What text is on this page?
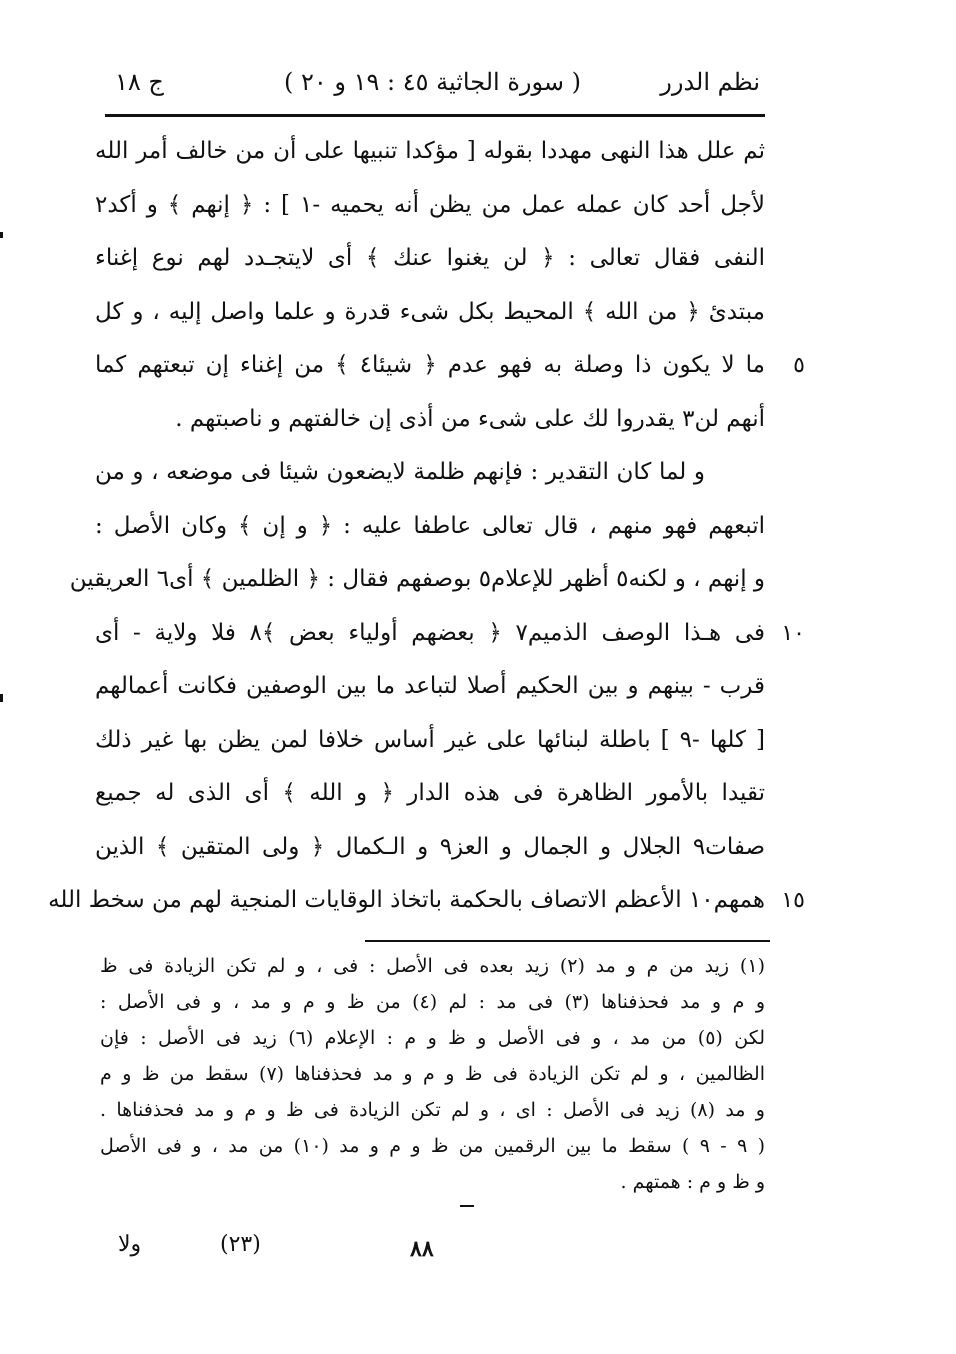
نظم الدرر
( سورة الجاثية ٤٥ : ١٩ و ٢٠ )
ج ١٨
ثم علل هذا النهى مهددا بقوله [ مؤكدا تنبيها على أن من خالف أمر الله
لأجل أحد كان عمله عمل من يظن أنه يحميه -١ ] : ﴿ إنهم ﴾ و أكد٢
النفى فقال تعالى : ﴿ لن يغنوا عنك ﴾ أى لايتجـدد لهم نوع إغناء
مبتدئ ﴿ من الله ﴾ المحيط بكل شىء قدرة و علما واصل إليه ، و كل
٥
ما لا يكون ذا وصلة به فهو عدم ﴿ شيئا٤ ﴾ من إغناء إن تبعتهم كما
أنهم لن٣ يقدروا لك على شىء من أذى إن خالفتهم و ناصبتهم .
و لما كان التقدير : فإنهم ظلمة لايضعون شيئا فى موضعه ، و من
اتبعهم فهو منهم ، قال تعالى عاطفا عليه : ﴿ و إن ﴾ وكان الأصل :
و إنهم ، و لكنه٥ أظهر للإعلام٥ بوصفهم فقال : ﴿ الظلمين ﴾ أى٦ العريقين
١٠
فى هـذا الوصف الذميم٧ ﴿ بعضهم أولياء بعض ﴾٨ فلا ولاية - أى
قرب - بينهم و بين الحكيم أصلا لتباعد ما بين الوصفين فكانت أعمالهم
[ كلها -٩ ] باطلة لبنائها على غير أساس خلافا لمن يظن بها غير ذلك
تقيدا بالأمور الظاهرة فى هذه الدار ﴿ و الله ﴾ أى الذى له جميع
صفات٩ الجلال و الجمال و العز٩ و الـكمال ﴿ ولى المتقين ﴾ الذين
١٥
همهم١٠ الأعظم الاتصاف بالحكمة باتخاذ الوقايات المنجية لهم من سخط الله
(١) زيد من م و مد (٢) زيد بعده فى الأصل : فى ، و لم تكن الزيادة فى ظ
و م و مد فحذفناها (٣) فى مد : لم (٤) من ظ و م و مد ، و فى الأصل :
لكن (٥) من مد ، و فى الأصل و ظ و م : الإعلام (٦) زيد فى الأصل : فإن
الظالمين ، و لم تكن الزيادة فى ظ و م و مد فحذفناها (٧) سقط من ظ و م
و مد (٨) زيد فى الأصل : اى ، و لم تكن الزيادة فى ظ و م و مد فحذفناها .
( ٩ - ٩ ) سقط ما بين الرقمين من ظ و م و مد (١٠) من مد ، و فى الأصل
و ظ و م : همتهم .
ولا	(٢٣)	٨٨
